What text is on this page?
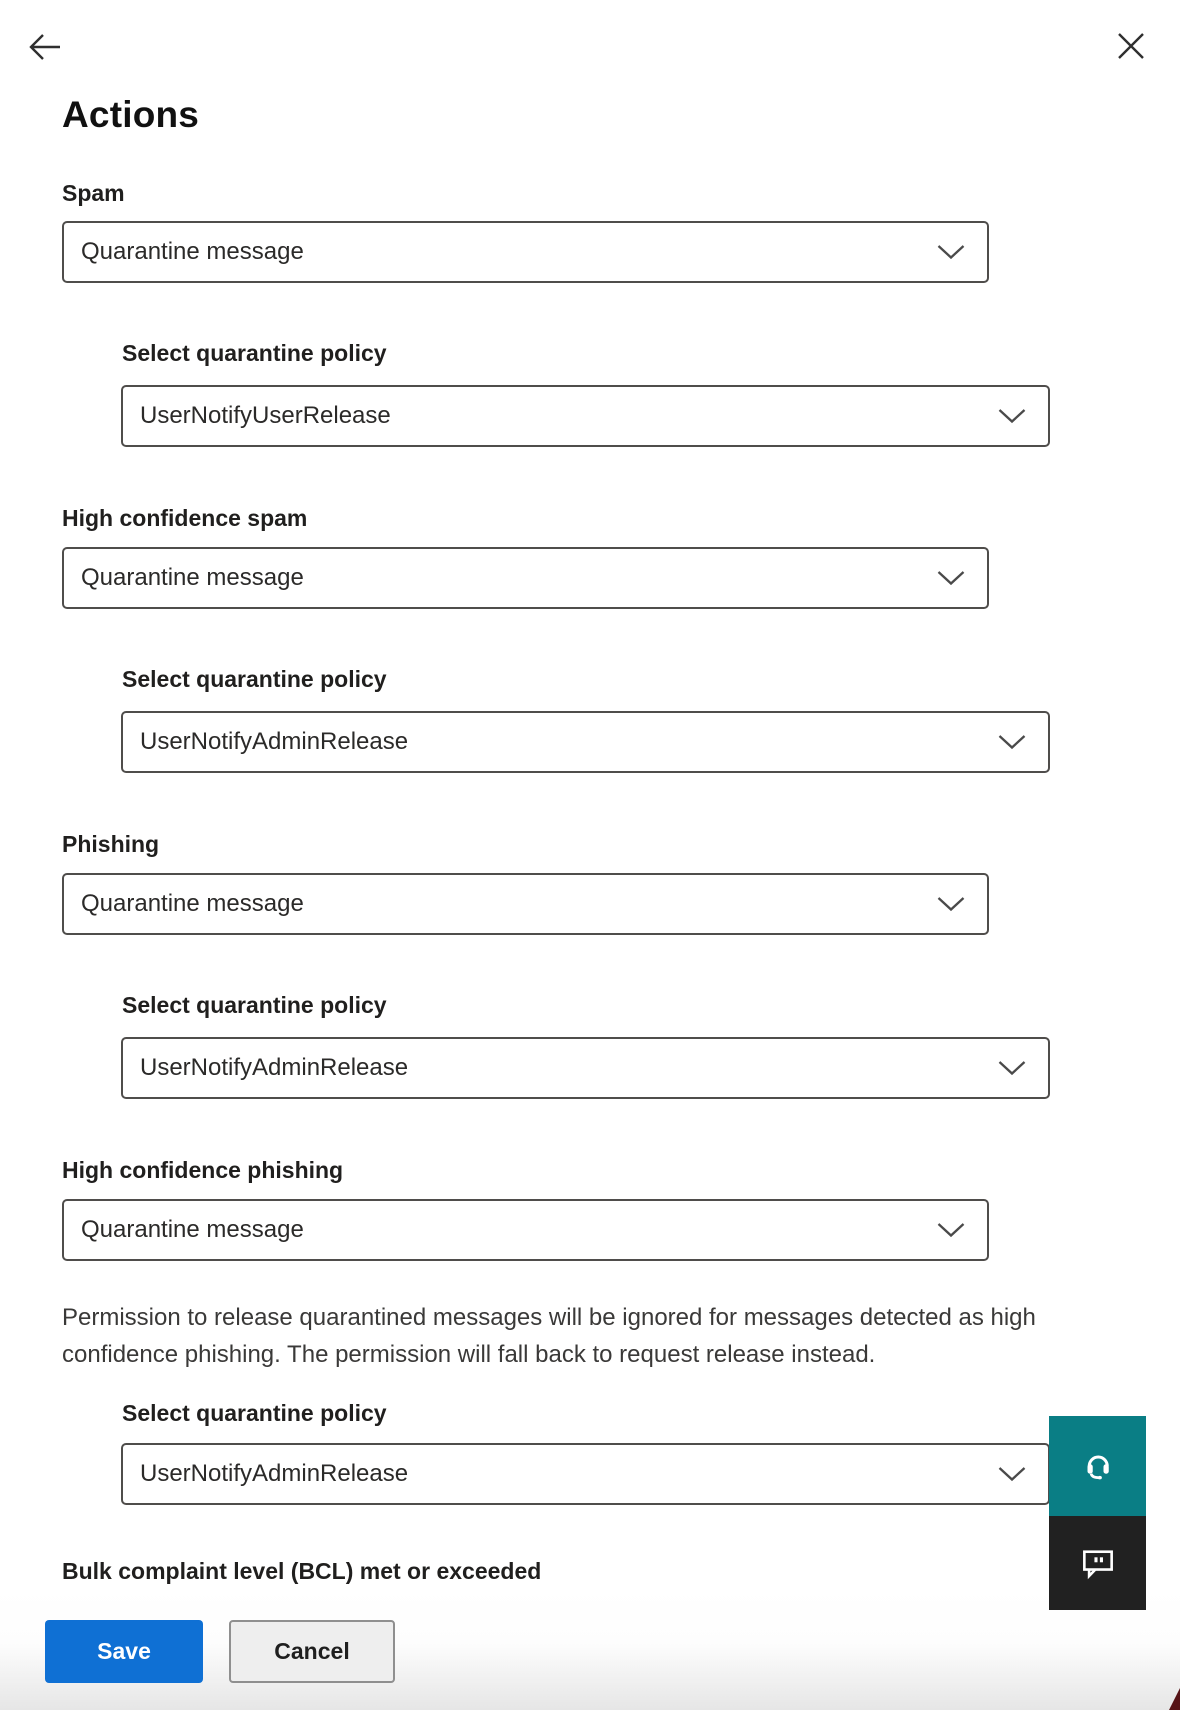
Actions
Spam
Quarantine message
Select quarantine policy
UserNotifyUserRelease
High confidence spam
Quarantine message
Select quarantine policy
UserNotifyAdminRelease
Phishing
Quarantine message
Select quarantine policy
UserNotifyAdminRelease
High confidence phishing
Quarantine message

Permission to release quarantined messages will be ignored for messages detected as high confidence phishing. The permission will fall back to request release instead.

Select quarantine policy
UserNotifyAdminRelease
Bulk complaint level (BCL) met or exceeded
Save	Cancel
